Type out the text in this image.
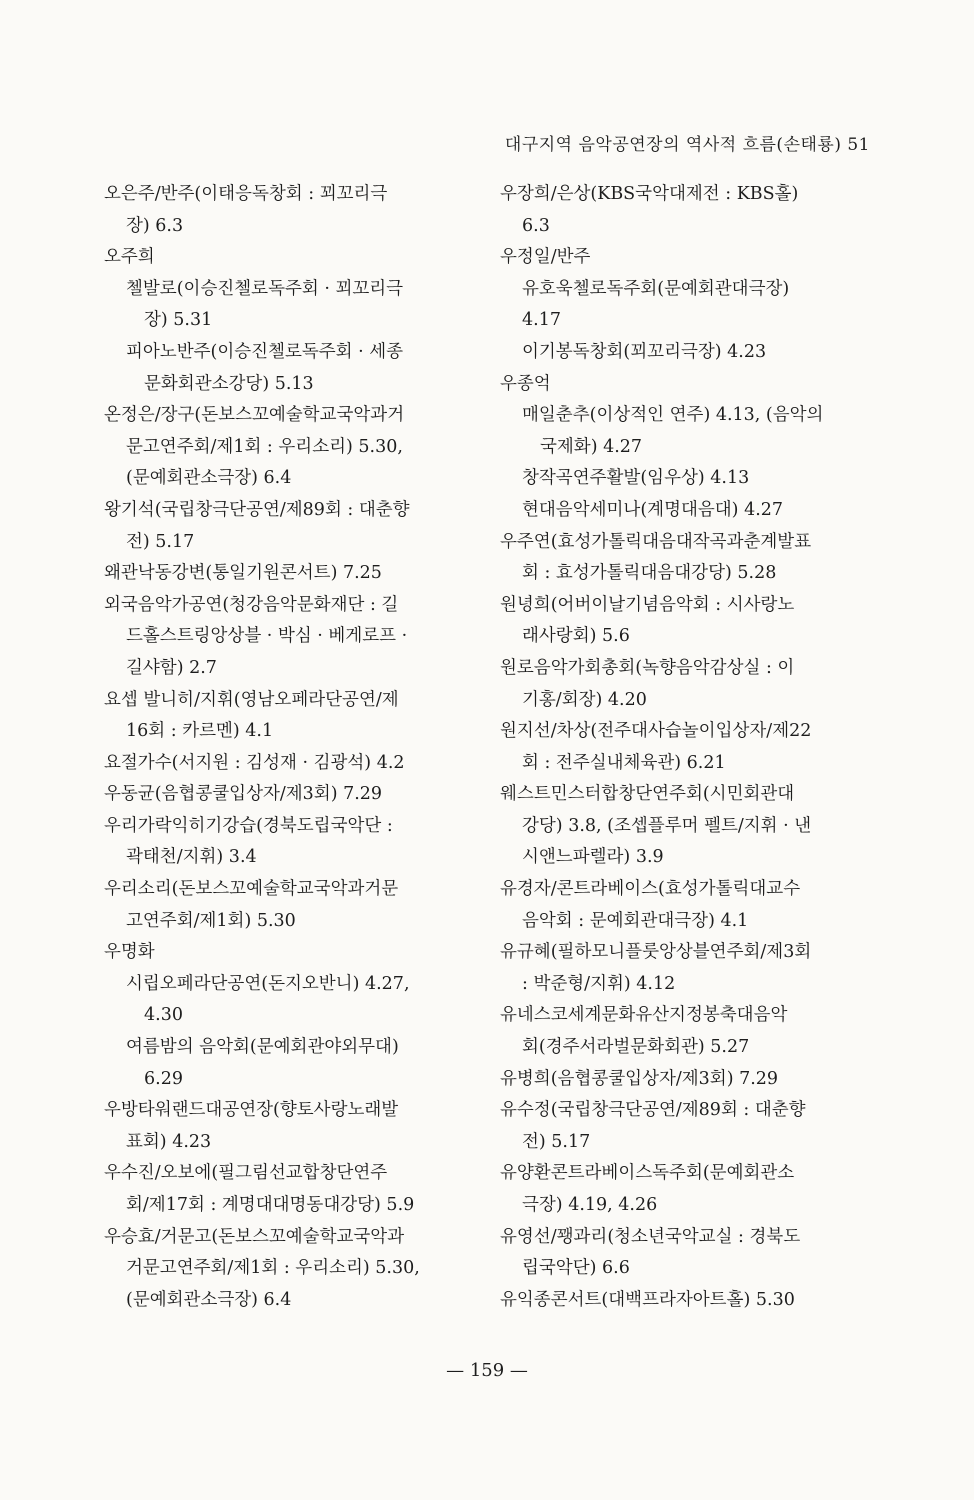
대구지역 음악공연장의 역사적 흐름(손태룡) 51
오은주/반주(이태응독창회 : 꾀꼬리극
장) 6.3
오주희
첼발로(이승진첼로독주회 · 꾀꼬리극
장) 5.31
피아노반주(이승진첼로독주회 · 세종
문화회관소강당) 5.13
온정은/장구(돈보스꼬예술학교국악과거
문고연주회/제1회 : 우리소리) 5.30,
(문예회관소극장) 6.4
왕기석(국립창극단공연/제89회 : 대춘향
전) 5.17
왜관낙동강변(통일기원콘서트) 7.25
외국음악가공연(청강음악문화재단 : 길
드홀스트링앙상블 · 박심 · 베게로프 ·
길샤함) 2.7
요셉 발니히/지휘(영남오페라단공연/제
16회 : 카르멘) 4.1
요절가수(서지원 : 김성재 · 김광석) 4.2
우동균(음협콩쿨입상자/제3회) 7.29
우리가락익히기강습(경북도립국악단 :
곽태천/지휘) 3.4
우리소리(돈보스꼬예술학교국악과거문
고연주회/제1회) 5.30
우명화
시립오페라단공연(돈지오반니) 4.27,
4.30
여름밤의 음악회(문예회관야외무대)
6.29
우방타워랜드대공연장(향토사랑노래발
표회) 4.23
우수진/오보에(필그림선교합창단연주
회/제17회 : 계명대대명동대강당) 5.9
우승효/거문고(돈보스꼬예술학교국악과
거문고연주회/제1회 : 우리소리) 5.30,
(문예회관소극장) 6.4
우장희/은상(KBS국악대제전 : KBS홀)
6.3
우정일/반주
유호욱첼로독주회(문예회관대극장)
4.17
이기봉독창회(꾀꼬리극장) 4.23
우종억
매일춘추(이상적인 연주) 4.13, (음악의
국제화) 4.27
창작곡연주활발(임우상) 4.13
현대음악세미나(계명대음대) 4.27
우주연(효성가톨릭대음대작곡과춘계발표
회 : 효성가톨릭대음대강당) 5.28
원녕희(어버이날기념음악회 : 시사랑노
래사랑회) 5.6
원로음악가회총회(녹향음악감상실 : 이
기홍/회장) 4.20
원지선/차상(전주대사습놀이입상자/제22
회 : 전주실내체육관) 6.21
웨스트민스터합창단연주회(시민회관대
강당) 3.8, (조셉플루머 펠트/지휘 · 낸
시앤느파렐라) 3.9
유경자/콘트라베이스(효성가톨릭대교수
음악회 : 문예회관대극장) 4.1
유규혜(필하모니플룻앙상블연주회/제3회
: 박준형/지휘) 4.12
유네스코세계문화유산지정봉축대음악
회(경주서라벌문화회관) 5.27
유병희(음협콩쿨입상자/제3회) 7.29
유수정(국립창극단공연/제89회 : 대춘향
전) 5.17
유양환콘트라베이스독주회(문예회관소
극장) 4.19, 4.26
유영선/꽹과리(청소년국악교실 : 경북도
립국악단) 6.6
유익종콘서트(대백프라자아트홀) 5.30
— 159 —
